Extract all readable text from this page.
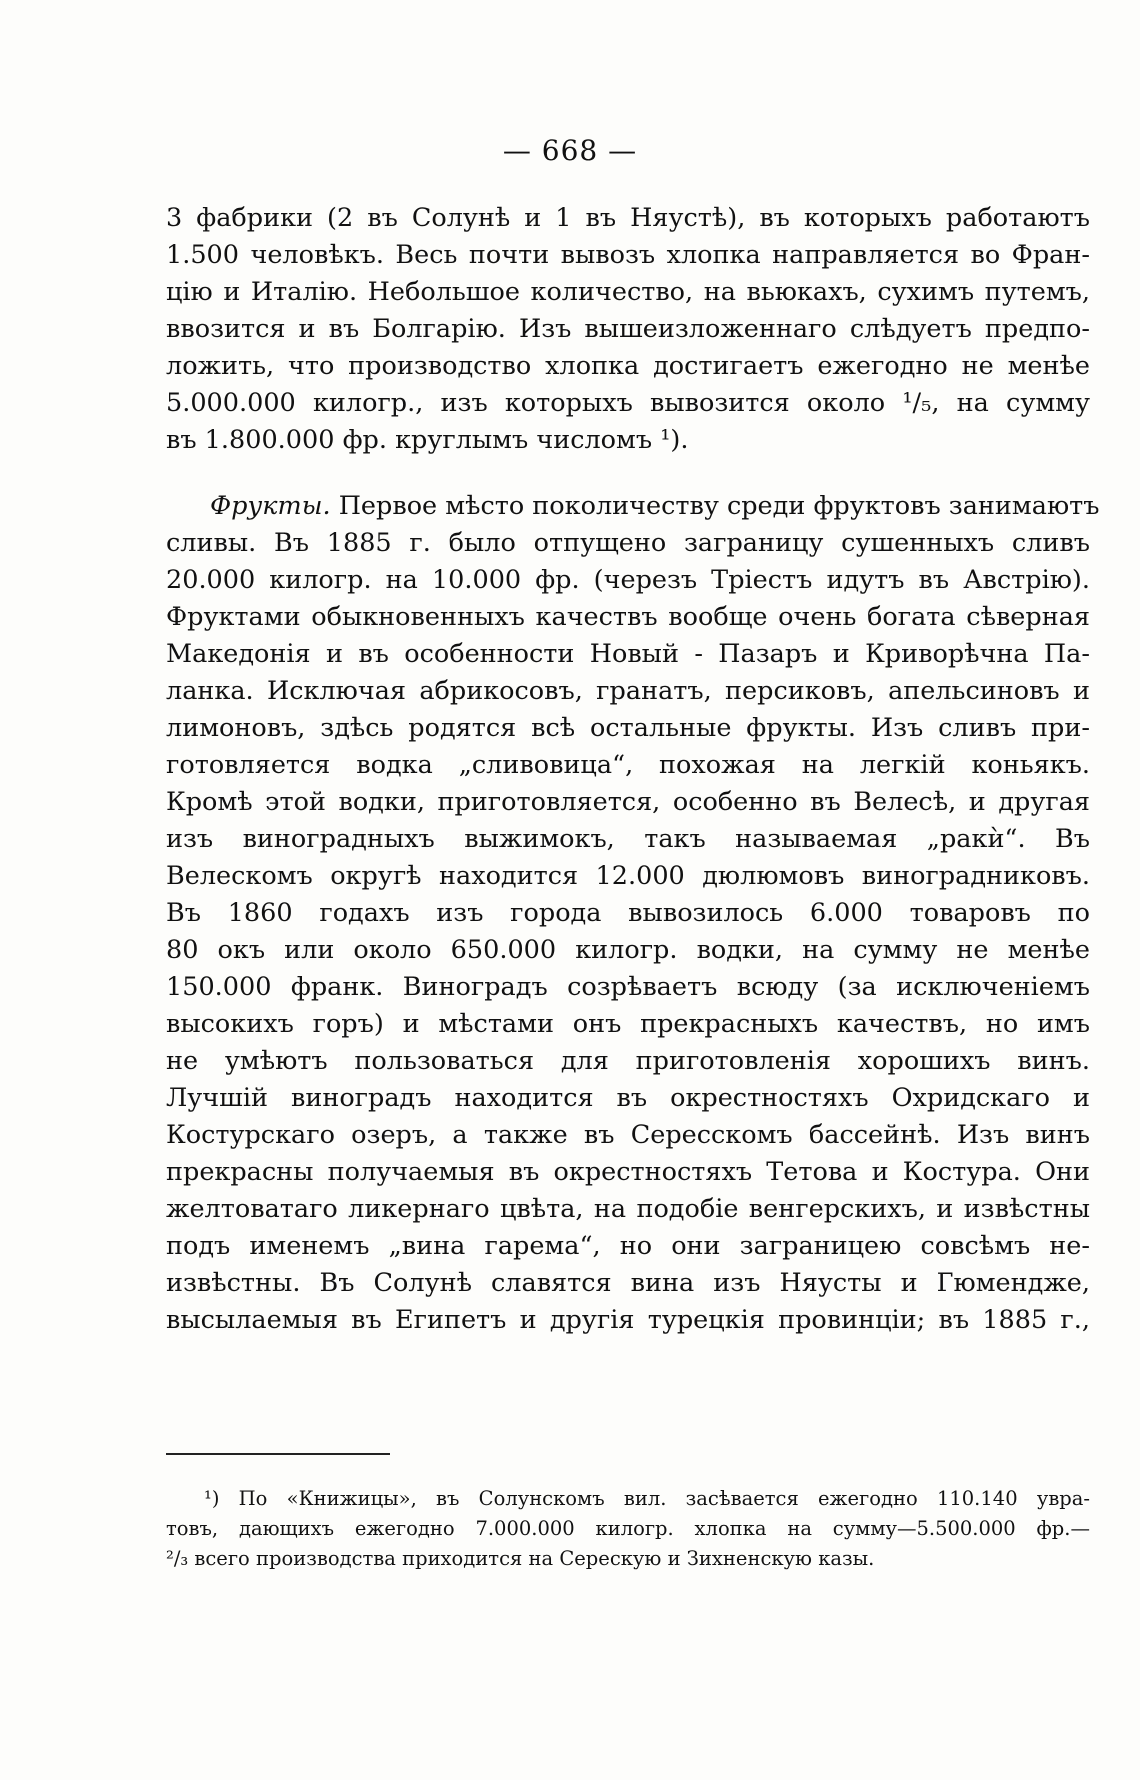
— 668 —
3 фабрики (2 въ Солунѣ и 1 въ Няустѣ), въ которыхъ работаютъ
1.500 человѣкъ. Весь почти вывозъ хлопка направляется во Фран-
цію и Италію. Небольшое количество, на вьюкахъ, сухимъ путемъ,
ввозится и въ Болгарію. Изъ вышеизложеннаго слѣдуетъ предпо-
ложить, что производство хлопка достигаетъ ежегодно не менѣе
5.000.000 килогр., изъ которыхъ вывозится около ¹/₅, на сумму
въ 1.800.000 фр. круглымъ числомъ ¹).
Фрукты. Первое мѣсто поколичеству среди фруктовъ занимаютъ
сливы. Въ 1885 г. было отпущено заграницу сушенныхъ сливъ
20.000 килогр. на 10.000 фр. (черезъ Тріестъ идутъ въ Австрію).
Фруктами обыкновенныхъ качествъ вообще очень богата сѣверная
Македонія и въ особенности Новый - Пазаръ и Криворѣчна Па-
ланка. Исключая абрикосовъ, гранатъ, персиковъ, апельсиновъ и
лимоновъ, здѣсь родятся всѣ остальные фрукты. Изъ сливъ при-
готовляется водка „сливовица“, похожая на легкій коньякъ.
Кромѣ этой водки, приготовляется, особенно въ Велесѣ, и другая
изъ виноградныхъ выжимокъ, такъ называемая „ракѝ“. Въ
Велескомъ округѣ находится 12.000 дюлюмовъ виноградниковъ.
Въ 1860 годахъ изъ города вывозилось 6.000 товаровъ по
80 окъ или около 650.000 килогр. водки, на сумму не менѣе
150.000 франк. Виноградъ созрѣваетъ всюду (за исключеніемъ
высокихъ горъ) и мѣстами онъ прекрасныхъ качествъ, но имъ
не умѣютъ пользоваться для приготовленія хорошихъ винъ.
Лучшій виноградъ находится въ окрестностяхъ Охридскаго и
Костурскаго озеръ, а также въ Сересскомъ бассейнѣ. Изъ винъ
прекрасны получаемыя въ окрестностяхъ Тетова и Костура. Они
желтоватаго ликернаго цвѣта, на подобіе венгерскихъ, и извѣстны
подъ именемъ „вина гарема“, но они заграницею совсѣмъ не-
извѣстны. Въ Солунѣ славятся вина изъ Няусты и Гюмендже,
высылаемыя въ Египетъ и другія турецкія провинціи; въ 1885 г.,
¹) По «Книжицы», въ Солунскомъ вил. засѣвается ежегодно 110.140 увра-
товъ, дающихъ ежегодно 7.000.000 килогр. хлопка на сумму—5.500.000 фр.—
²/₃ всего производства приходится на Серескую и Зихненскую казы.
